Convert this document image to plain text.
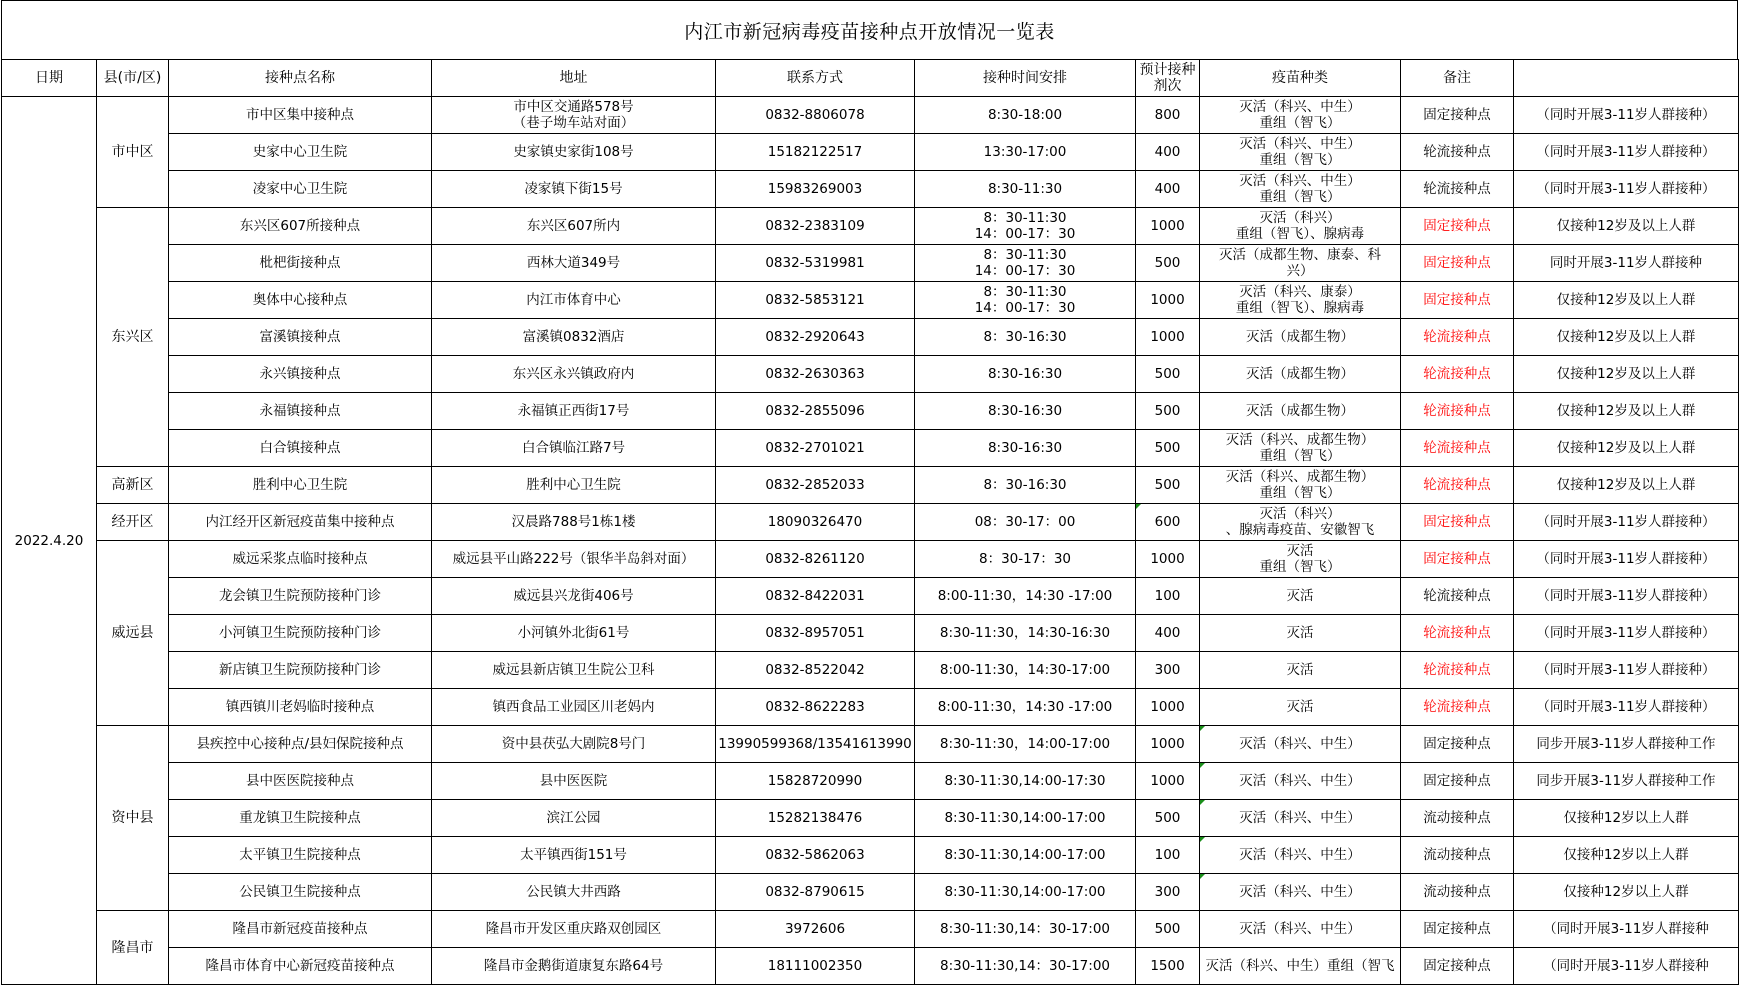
内江市新冠病毒疫苗接种点开放情况一览表
日期	县(市/区)	接种点名称	地址	联系方式	接种时间安排	预计接种剂次	疫苗种类	备注	
2022.4.20	市中区	市中区集中接种点	市中区交通路578号
（巷子坳车站对面）	0832-8806078	8:30-18:00	800	灭活（科兴、中生）
重组（智飞）	固定接种点	（同时开展3-11岁人群接种）
		史家中心卫生院	史家镇史家街108号	15182122517	13:30-17:00	400	灭活（科兴、中生）
重组（智飞）	轮流接种点	（同时开展3-11岁人群接种）
		凌家中心卫生院	凌家镇下街15号	15983269003	8:30-11:30	400	灭活（科兴、中生）
重组（智飞）	轮流接种点	（同时开展3-11岁人群接种）
	东兴区	东兴区607所接种点	东兴区607所内	0832-2383109	8：30-11:30
14：00-17：30	1000	灭活（科兴）
重组（智飞）、腺病毒	固定接种点	仅接种12岁及以上人群
		枇杷街接种点	西林大道349号	0832-5319981	8：30-11:30
14：00-17：30	500	灭活（成都生物、康泰、科
兴）	固定接种点	同时开展3-11岁人群接种
		奥体中心接种点	内江市体育中心	0832-5853121	8：30-11:30
14：00-17：30	1000	灭活（科兴、康泰）
重组（智飞）、腺病毒	固定接种点	仅接种12岁及以上人群
		富溪镇接种点	富溪镇0832酒店	0832-2920643	8：30-16:30	1000	灭活（成都生物）	轮流接种点	仅接种12岁及以上人群
		永兴镇接种点	东兴区永兴镇政府内	0832-2630363	8:30-16:30	500	灭活（成都生物）	轮流接种点	仅接种12岁及以上人群
		永福镇接种点	永福镇正西街17号	0832-2855096	8:30-16:30	500	灭活（成都生物）	轮流接种点	仅接种12岁及以上人群
		白合镇接种点	白合镇临江路7号	0832-2701021	8:30-16:30	500	灭活（科兴、成都生物）
重组（智飞）	轮流接种点	仅接种12岁及以上人群
	高新区	胜利中心卫生院	胜利中心卫生院	0832-2852033	8：30-16:30	500	灭活（科兴、成都生物）
重组（智飞）	轮流接种点	仅接种12岁及以上人群
	经开区	内江经开区新冠疫苗集中接种点	汉晨路788号1栋1楼	18090326470	08：30-17：00	600	灭活（科兴）
、腺病毒疫苗、安徽智飞	固定接种点	（同时开展3-11岁人群接种）
	威远县	威远采浆点临时接种点	威远县平山路222号（银华半岛斜对面）	0832-8261120	8：30-17：30	1000	灭活
重组（智飞）	固定接种点	（同时开展3-11岁人群接种）
		龙会镇卫生院预防接种门诊	威远县兴龙街406号	0832-8422031	8:00-11:30，14:30 -17:00	100	灭活	轮流接种点	（同时开展3-11岁人群接种）
		小河镇卫生院预防接种门诊	小河镇外北街61号	0832-8957051	8:30-11:30，14:30-16:30	400	灭活	轮流接种点	（同时开展3-11岁人群接种）
		新店镇卫生院预防接种门诊	威远县新店镇卫生院公卫科	0832-8522042	8:00-11:30，14:30-17:00	300	灭活	轮流接种点	（同时开展3-11岁人群接种）
		镇西镇川老妈临时接种点	镇西食品工业园区川老妈内	0832-8622283	8:00-11:30，14:30 -17:00	1000	灭活	轮流接种点	（同时开展3-11岁人群接种）
	资中县	县疾控中心接种点/县妇保院接种点	资中县茯弘大剧院8号门	13990599368/13541613990	8:30-11:30，14:00-17:00	1000	灭活（科兴、中生）	固定接种点	同步开展3-11岁人群接种工作
		县中医医院接种点	县中医医院	15828720990	8:30-11:30,14:00-17:30	1000	灭活（科兴、中生）	固定接种点	同步开展3-11岁人群接种工作
		重龙镇卫生院接种点	滨江公园	15282138476	8:30-11:30,14:00-17:00	500	灭活（科兴、中生）	流动接种点	仅接种12岁以上人群
		太平镇卫生院接种点	太平镇西街151号	0832-5862063	8:30-11:30,14:00-17:00	100	灭活（科兴、中生）	流动接种点	仅接种12岁以上人群
		公民镇卫生院接种点	公民镇大井西路	0832-8790615	8:30-11:30,14:00-17:00	300	灭活（科兴、中生）	流动接种点	仅接种12岁以上人群
	隆昌市	隆昌市新冠疫苗接种点	隆昌市开发区重庆路双创园区	3972606	8:30-11:30,14：30-17:00	500	灭活（科兴、中生）	固定接种点	（同时开展3-11岁人群接种
		隆昌市体育中心新冠疫苗接种点	隆昌市金鹅街道康复东路64号	18111002350	8:30-11:30,14：30-17:00	1500	灭活（科兴、中生）重组（智飞	固定接种点	（同时开展3-11岁人群接种
